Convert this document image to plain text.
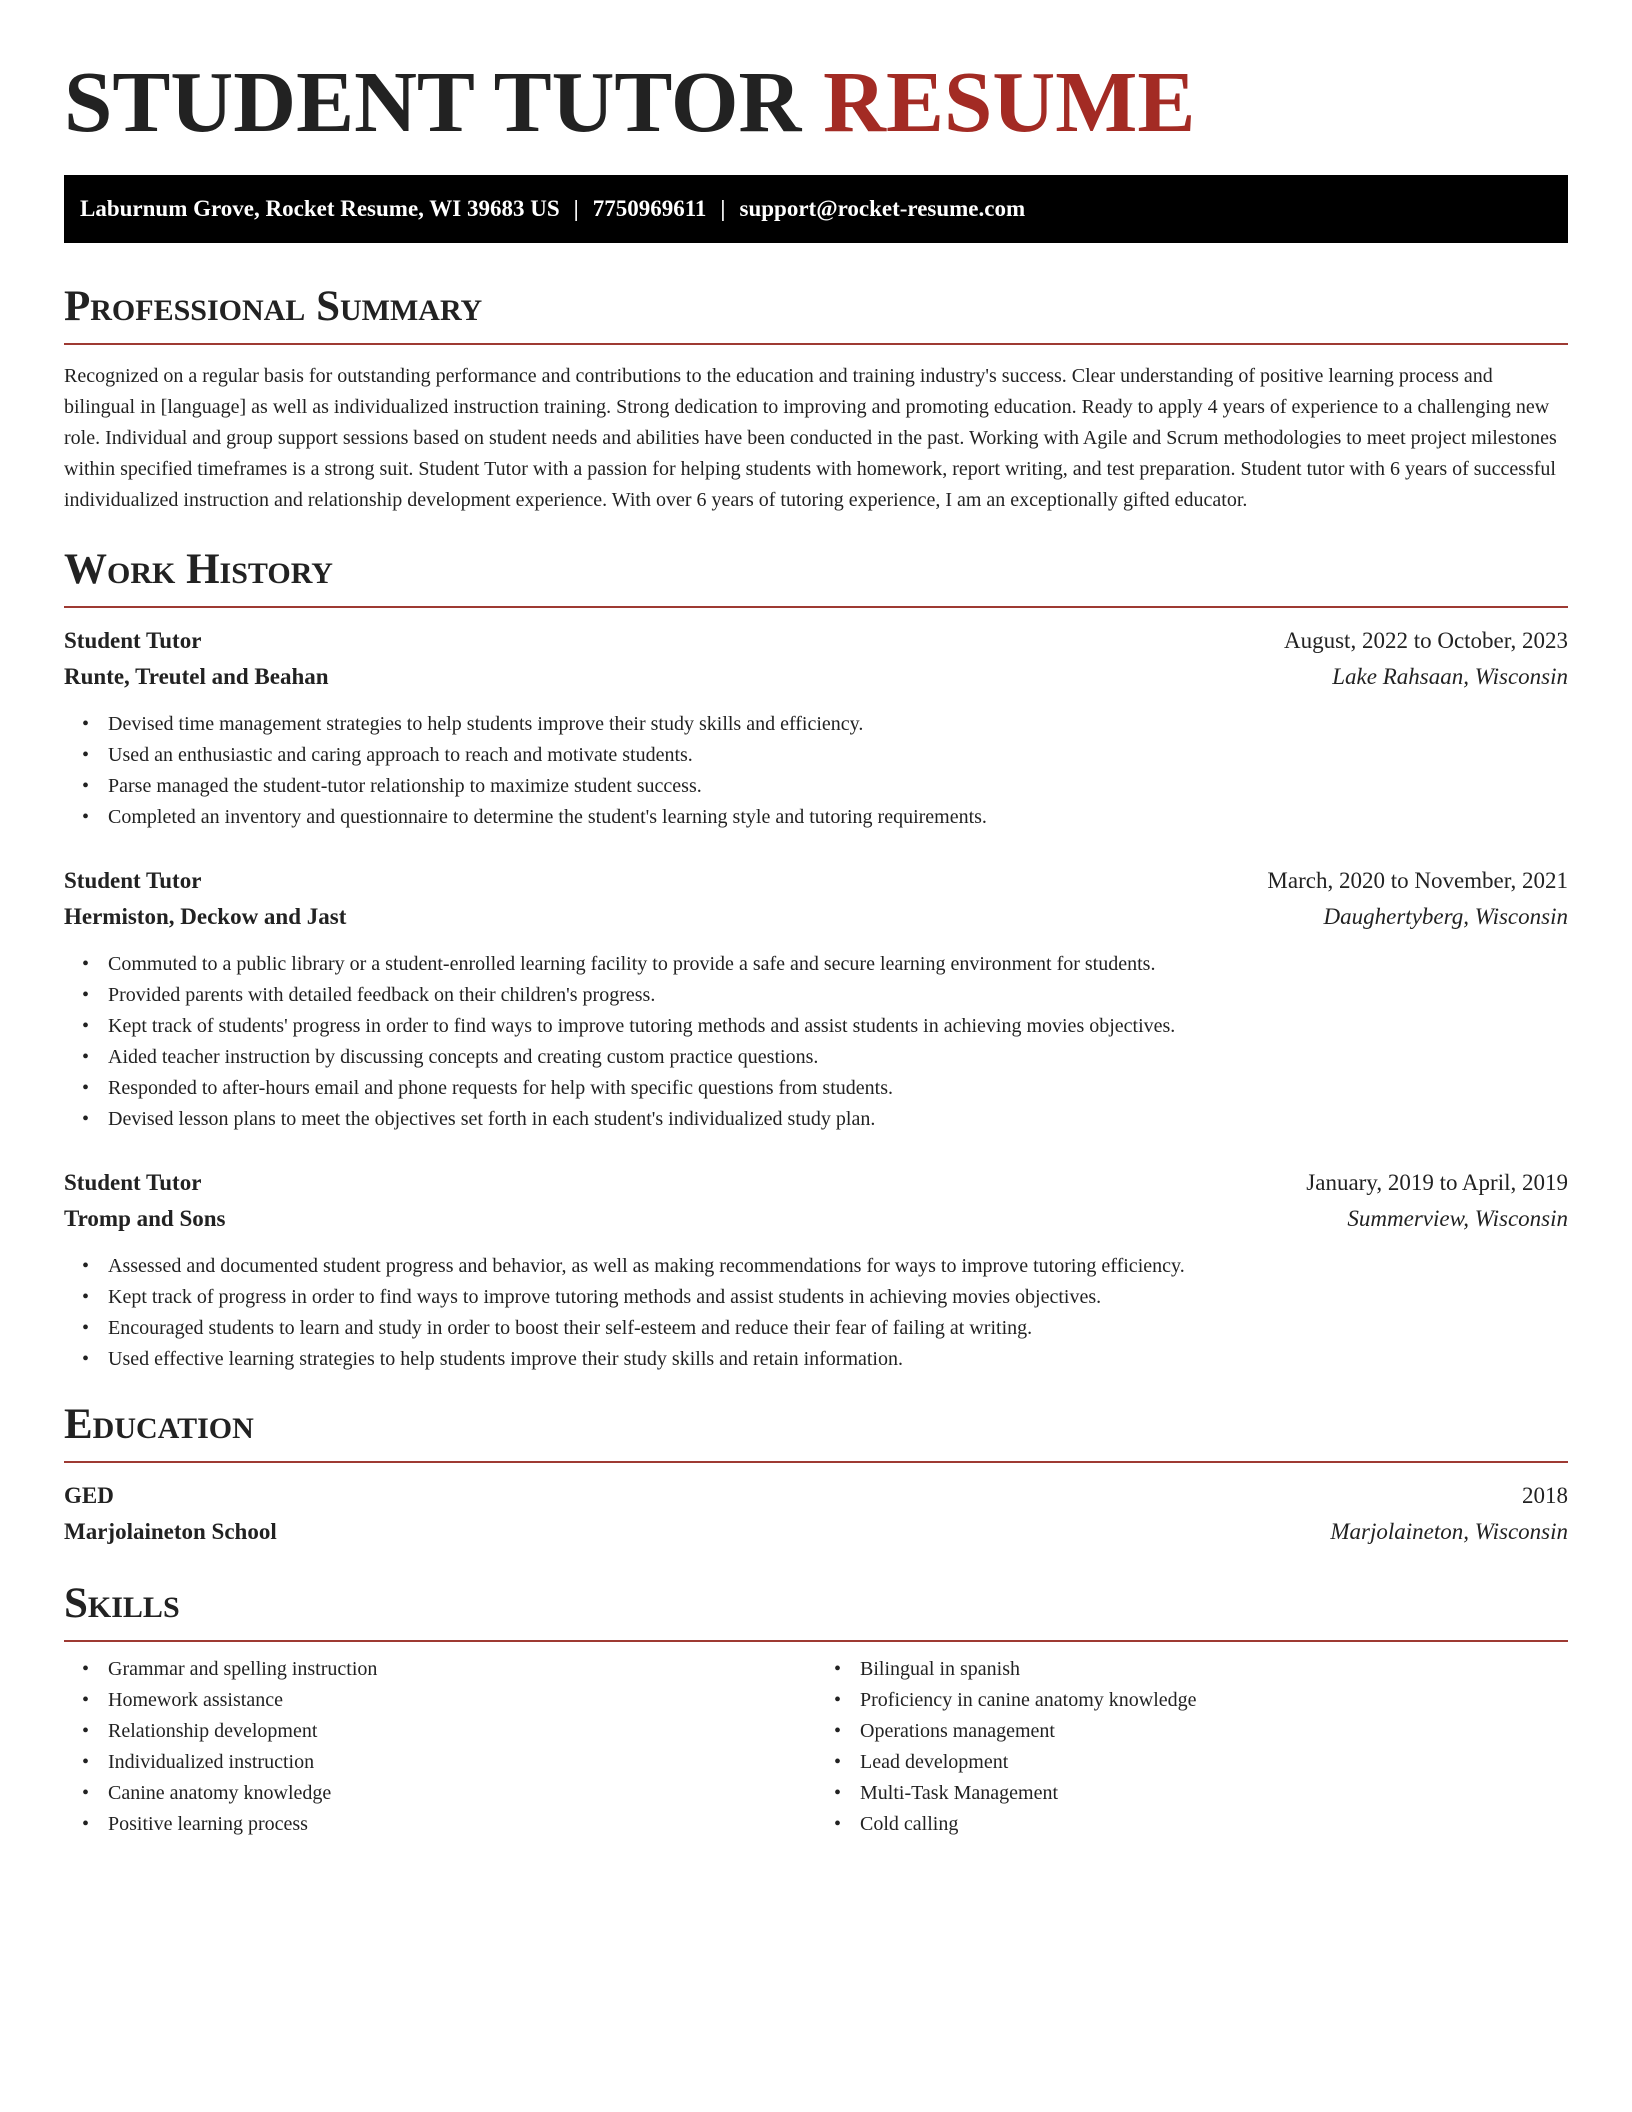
STUDENT TUTOR RESUME
Laburnum Grove, Rocket Resume, WI 39683 US | 7750969611 | support@rocket-resume.com
Professional Summary

Recognized on a regular basis for outstanding performance and contributions to the education and training industry's success. Clear understanding of positive learning process and bilingual in [language] as well as individualized instruction training. Strong dedication to improving and promoting education. Ready to apply 4 years of experience to a challenging new role. Individual and group support sessions based on student needs and abilities have been conducted in the past. Working with Agile and Scrum methodologies to meet project milestones within specified timeframes is a strong suit. Student Tutor with a passion for helping students with homework, report writing, and test preparation. Student tutor with 6 years of successful individualized instruction and relationship development experience. With over 6 years of tutoring experience, I am an exceptionally gifted educator.

Work History
Student Tutor	August, 2022 to October, 2023
Runte, Treutel and Beahan	Lake Rahsaan, Wisconsin
• Devised time management strategies to help students improve their study skills and efficiency.
• Used an enthusiastic and caring approach to reach and motivate students.
• Parse managed the student-tutor relationship to maximize student success.
• Completed an inventory and questionnaire to determine the student's learning style and tutoring requirements.
Student Tutor	March, 2020 to November, 2021
Hermiston, Deckow and Jast	Daughertyberg, Wisconsin
• Commuted to a public library or a student-enrolled learning facility to provide a safe and secure learning environment for students.
• Provided parents with detailed feedback on their children's progress.
• Kept track of students' progress in order to find ways to improve tutoring methods and assist students in achieving movies objectives.
• Aided teacher instruction by discussing concepts and creating custom practice questions.
• Responded to after-hours email and phone requests for help with specific questions from students.
• Devised lesson plans to meet the objectives set forth in each student's individualized study plan.
Student Tutor	January, 2019 to April, 2019
Tromp and Sons	Summerview, Wisconsin
• Assessed and documented student progress and behavior, as well as making recommendations for ways to improve tutoring efficiency.
• Kept track of progress in order to find ways to improve tutoring methods and assist students in achieving movies objectives.
• Encouraged students to learn and study in order to boost their self-esteem and reduce their fear of failing at writing.
• Used effective learning strategies to help students improve their study skills and retain information.
Education
GED	2018
Marjolaineton School	Marjolaineton, Wisconsin
Skills
• Grammar and spelling instruction
• Homework assistance
• Relationship development
• Individualized instruction
• Canine anatomy knowledge
• Positive learning process
• Bilingual in spanish
• Proficiency in canine anatomy knowledge
• Operations management
• Lead development
• Multi-Task Management
• Cold calling
